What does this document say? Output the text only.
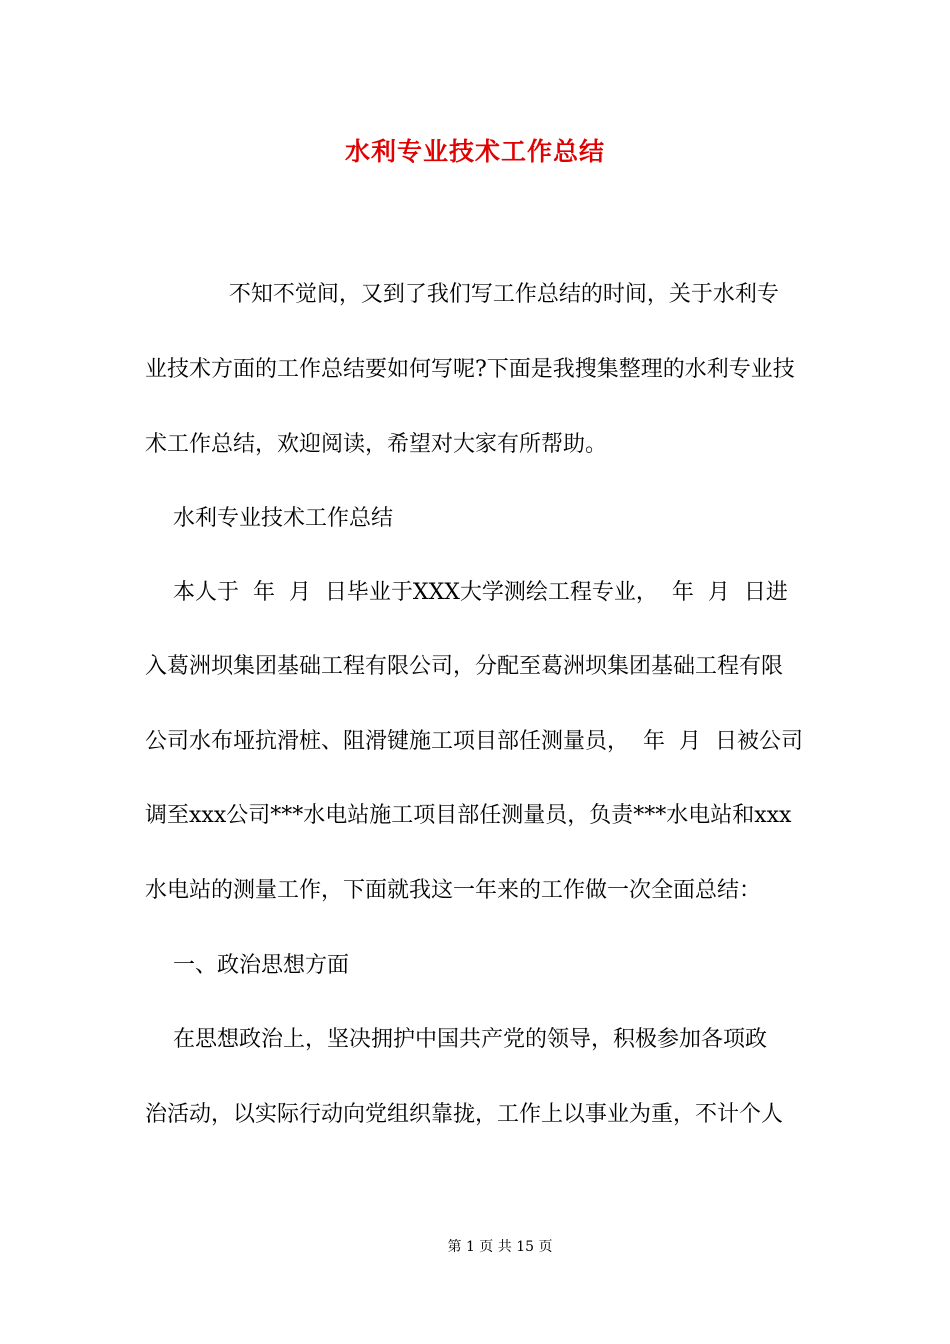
水利专业技术工作总结
不知不觉间，又到了我们写工作总结的时间，关于水利专
业技术方面的工作总结要如何写呢?下面是我搜集整理的水利专业技
术工作总结，欢迎阅读，希望对大家有所帮助。
水利专业技术工作总结
本人于  年  月  日毕业于XXX大学测绘工程专业，  年  月  日进
入葛洲坝集团基础工程有限公司，分配至葛洲坝集团基础工程有限
公司水布垭抗滑桩、阻滑键施工项目部任测量员，  年  月  日被公司
调至xxx公司***水电站施工项目部任测量员，负责***水电站和xxx
水电站的测量工作，下面就我这一年来的工作做一次全面总结：
一、政治思想方面
在思想政治上，坚决拥护中国共产党的领导，积极参加各项政
治活动，以实际行动向党组织靠拢，工作上以事业为重，不计个人
第 1 页 共 15 页
